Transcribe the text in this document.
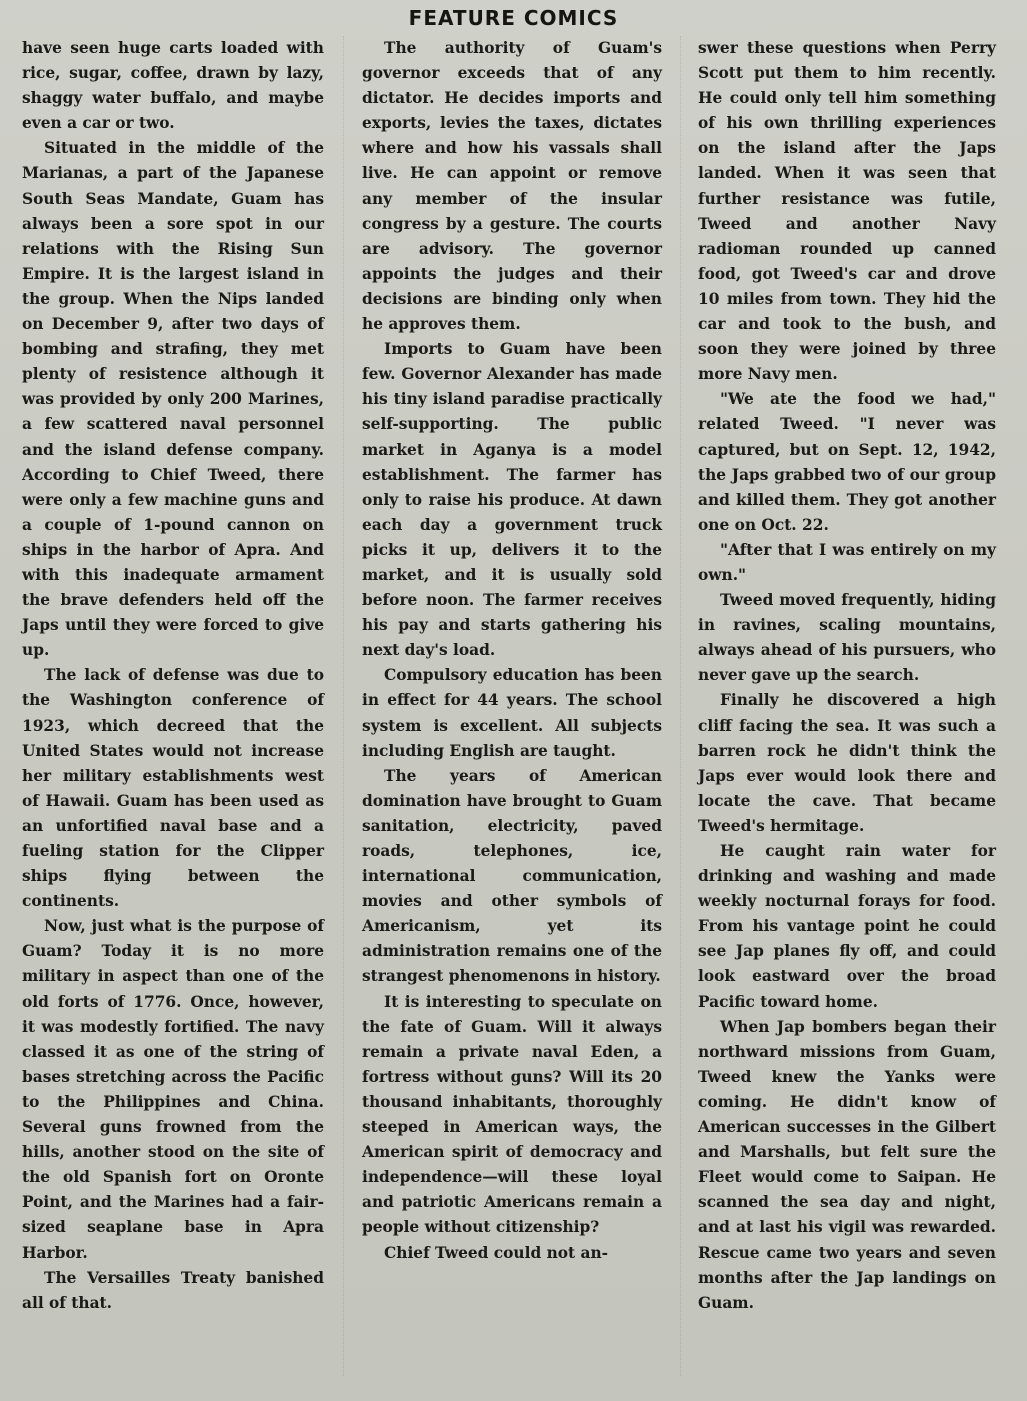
FEATURE COMICS

have seen huge carts loaded with rice, sugar, coffee, drawn by lazy, shaggy water buffalo, and maybe even a car or two.

Situated in the middle of the Marianas, a part of the Japanese South Seas Mandate, Guam has always been a sore spot in our relations with the Rising Sun Empire. It is the largest island in the group. When the Nips landed on December 9, after two days of bombing and strafing, they met plenty of resistence although it was provided by only 200 Marines, a few scattered naval personnel and the island defense company. According to Chief Tweed, there were only a few machine guns and a couple of 1-pound cannon on ships in the harbor of Apra. And with this inadequate armament the brave defenders held off the Japs until they were forced to give up.

The lack of defense was due to the Washington conference of 1923, which decreed that the United States would not increase her military establishments west of Hawaii. Guam has been used as an unfortified naval base and a fueling station for the Clipper ships flying between the continents.

Now, just what is the purpose of Guam? Today it is no more military in aspect than one of the old forts of 1776. Once, however, it was modestly fortified. The navy classed it as one of the string of bases stretching across the Pacific to the Philippines and China. Several guns frowned from the hills, another stood on the site of the old Spanish fort on Oronte Point, and the Marines had a fair-sized seaplane base in Apra Harbor.

The Versailles Treaty banished all of that.

The authority of Guam's governor exceeds that of any dictator. He decides imports and exports, levies the taxes, dictates where and how his vassals shall live. He can appoint or remove any member of the insular congress by a gesture. The courts are advisory. The governor appoints the judges and their decisions are binding only when he approves them.

Imports to Guam have been few. Governor Alexander has made his tiny island paradise practically self-supporting. The public market in Aganya is a model establishment. The farmer has only to raise his produce. At dawn each day a government truck picks it up, delivers it to the market, and it is usually sold before noon. The farmer receives his pay and starts gathering his next day's load.

Compulsory education has been in effect for 44 years. The school system is excellent. All subjects including English are taught.

The years of American domination have brought to Guam sanitation, electricity, paved roads, telephones, ice, international communication, movies and other symbols of Americanism, yet its administration remains one of the strangest phenomenons in history.

It is interesting to speculate on the fate of Guam. Will it always remain a private naval Eden, a fortress without guns? Will its 20 thousand inhabitants, thoroughly steeped in American ways, the American spirit of democracy and independence—will these loyal and patriotic Americans remain a people without citizenship?

Chief Tweed could not an-

swer these questions when Perry Scott put them to him recently. He could only tell him something of his own thrilling experiences on the island after the Japs landed. When it was seen that further resistance was futile, Tweed and another Navy radioman rounded up canned food, got Tweed's car and drove 10 miles from town. They hid the car and took to the bush, and soon they were joined by three more Navy men.

"We ate the food we had," related Tweed. "I never was captured, but on Sept. 12, 1942, the Japs grabbed two of our group and killed them. They got another one on Oct. 22.

"After that I was entirely on my own."

Tweed moved frequently, hiding in ravines, scaling mountains, always ahead of his pursuers, who never gave up the search.

Finally he discovered a high cliff facing the sea. It was such a barren rock he didn't think the Japs ever would look there and locate the cave. That became Tweed's hermitage.

He caught rain water for drinking and washing and made weekly nocturnal forays for food. From his vantage point he could see Jap planes fly off, and could look eastward over the broad Pacific toward home.

When Jap bombers began their northward missions from Guam, Tweed knew the Yanks were coming. He didn't know of American successes in the Gilbert and Marshalls, but felt sure the Fleet would come to Saipan. He scanned the sea day and night, and at last his vigil was rewarded. Rescue came two years and seven months after the Jap landings on Guam.
